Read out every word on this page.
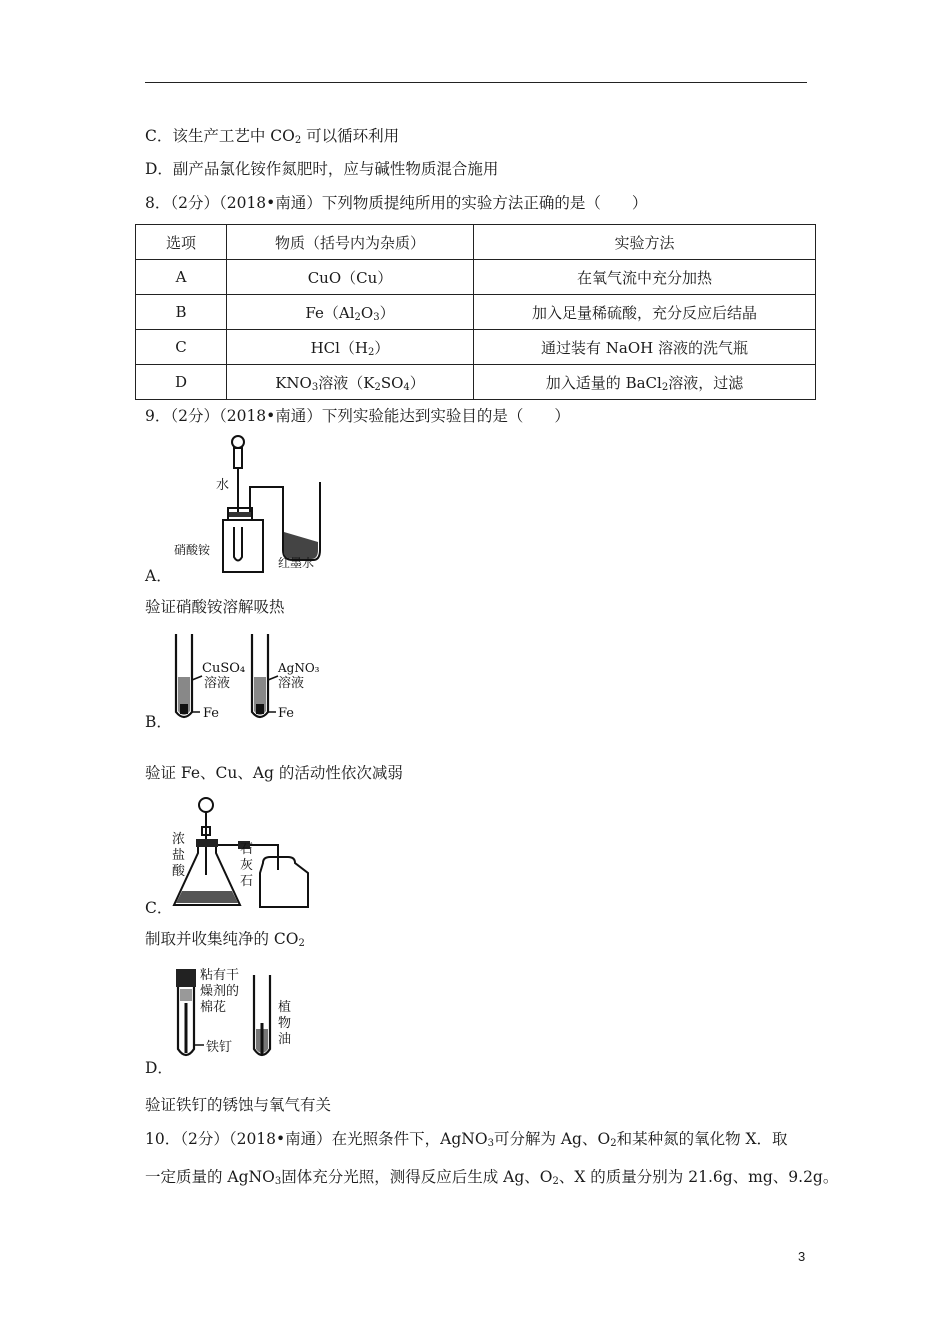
C．该生产工艺中 $CO_2$ 可以循环利用
D．副产品氯化铵作氮肥时，应与碱性物质混合施用
8．（2分）（2018•南通）下列物质提纯所用的实验方法正确的是（　　）
选项	物质（括号内为杂质）	实验方法
A	CuO（Cu）	在氧气流中充分加热
B	$Fe(Al_2O_3)$	加入足量稀硫酸，充分反应后结晶
C	$HCl(H_2)$	通过装有 NaOH 溶液的洗气瓶
D	$KNO_3$溶液$(K_2SO_4)$	加入适量的 BaCl$_2$溶液，过滤
9．（2分）（2018•南通）下列实验能达到实验目的是（　　）
水
硝酸铵
红墨水
A．
验证硝酸铵溶解吸热
CuSO₄
溶液
Fe
AgNO₃
溶液
Fe
B．
验证 Fe、Cu、Ag 的活动性依次减弱
浓
盐
酸
石
灰
石
C．
制取并收集纯净的 $CO_2$
粘有干
燥剂的
棉花
铁钉
植
物
油
D．
验证铁钉的锈蚀与氧气有关
10．（2分）（2018•南通）在光照条件下，AgNO$_3$可分解为 Ag、$O_2$和某种氮的氧化物 X．取
一定质量的 AgNO$_3$固体充分光照，测得反应后生成 Ag、$O_2$、X 的质量分别为 21.6g、mg、9.2g。
3
